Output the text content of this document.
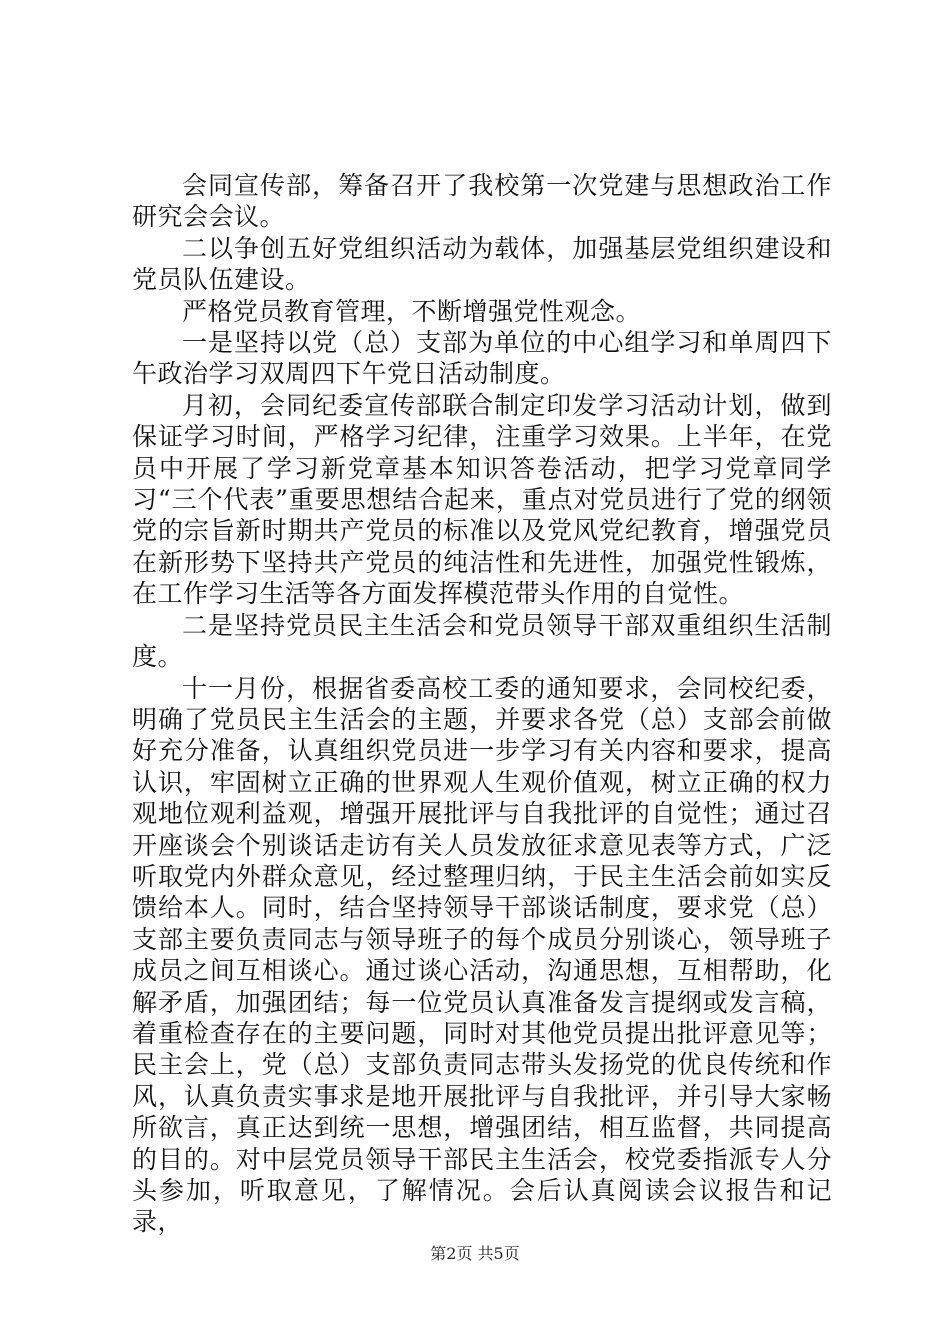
会同宣传部，筹备召开了我校第一次党建与思想政治工作研究会会议。

二以争创五好党组织活动为载体，加强基层党组织建设和党员队伍建设。

严格党员教育管理，不断增强党性观念。

一是坚持以党（总）支部为单位的中心组学习和单周四下午政治学习双周四下午党日活动制度。

月初，会同纪委宣传部联合制定印发学习活动计划，做到保证学习时间，严格学习纪律，注重学习效果。上半年，在党员中开展了学习新党章基本知识答卷活动，把学习党章同学习“三个代表”重要思想结合起来，重点对党员进行了党的纲领党的宗旨新时期共产党员的标准以及党风党纪教育，增强党员在新形势下坚持共产党员的纯洁性和先进性，加强党性锻炼，在工作学习生活等各方面发挥模范带头作用的自觉性。

二是坚持党员民主生活会和党员领导干部双重组织生活制度。

十一月份，根据省委高校工委的通知要求，会同校纪委，明确了党员民主生活会的主题，并要求各党（总）支部会前做好充分准备，认真组织党员进一步学习有关内容和要求，提高认识，牢固树立正确的世界观人生观价值观，树立正确的权力观地位观利益观，增强开展批评与自我批评的自觉性；通过召开座谈会个别谈话走访有关人员发放征求意见表等方式，广泛听取党内外群众意见，经过整理归纳，于民主生活会前如实反馈给本人。同时，结合坚持领导干部谈话制度，要求党（总）支部主要负责同志与领导班子的每个成员分别谈心，领导班子成员之间互相谈心。通过谈心活动，沟通思想，互相帮助，化解矛盾，加强团结；每一位党员认真准备发言提纲或发言稿，着重检查存在的主要问题，同时对其他党员提出批评意见等；民主会上，党（总）支部负责同志带头发扬党的优良传统和作风，认真负责实事求是地开展批评与自我批评，并引导大家畅所欲言，真正达到统一思想，增强团结，相互监督，共同提高的目的。对中层党员领导干部民主生活会，校党委指派专人分头参加，听取意见，了解情况。会后认真阅读会议报告和记录，

第2页 共5页
